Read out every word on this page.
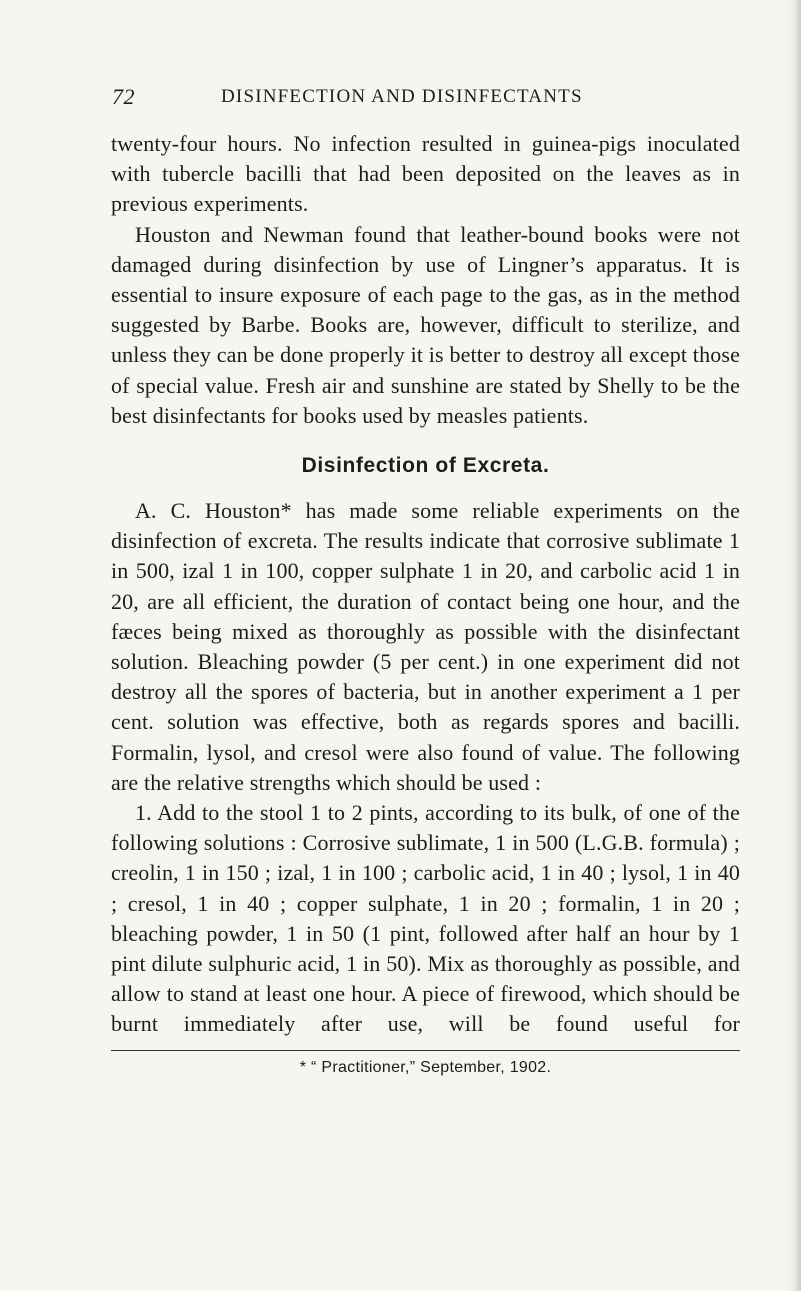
72	DISINFECTION AND DISINFECTANTS

twenty-four hours. No infection resulted in guinea-pigs inoculated with tubercle bacilli that had been deposited on the leaves as in previous experiments.

Houston and Newman found that leather-bound books were not damaged during disinfection by use of Lingner’s apparatus. It is essential to insure exposure of each page to the gas, as in the method suggested by Barbe. Books are, however, difficult to sterilize, and unless they can be done properly it is better to destroy all except those of special value. Fresh air and sunshine are stated by Shelly to be the best disinfectants for books used by measles patients.

Disinfection of Excreta.

A. C. Houston* has made some reliable experiments on the disinfection of excreta. The results indicate that corrosive sublimate 1 in 500, izal 1 in 100, copper sulphate 1 in 20, and carbolic acid 1 in 20, are all efficient, the duration of contact being one hour, and the fæces being mixed as thoroughly as possible with the disinfectant solution. Bleaching powder (5 per cent.) in one experiment did not destroy all the spores of bacteria, but in another experiment a 1 per cent. solution was effective, both as regards spores and bacilli. Formalin, lysol, and cresol were also found of value. The following are the relative strengths which should be used :

1. Add to the stool 1 to 2 pints, according to its bulk, of one of the following solutions : Corrosive sublimate, 1 in 500 (L.G.B. formula) ; creolin, 1 in 150 ; izal, 1 in 100 ; carbolic acid, 1 in 40 ; lysol, 1 in 40 ; cresol, 1 in 40 ; copper sulphate, 1 in 20 ; formalin, 1 in 20 ; bleaching powder, 1 in 50 (1 pint, followed after half an hour by 1 pint dilute sulphuric acid, 1 in 50). Mix as thoroughly as possible, and allow to stand at least one hour. A piece of firewood, which should be burnt immediately after use, will be found useful for

* “ Practitioner,” September, 1902.
